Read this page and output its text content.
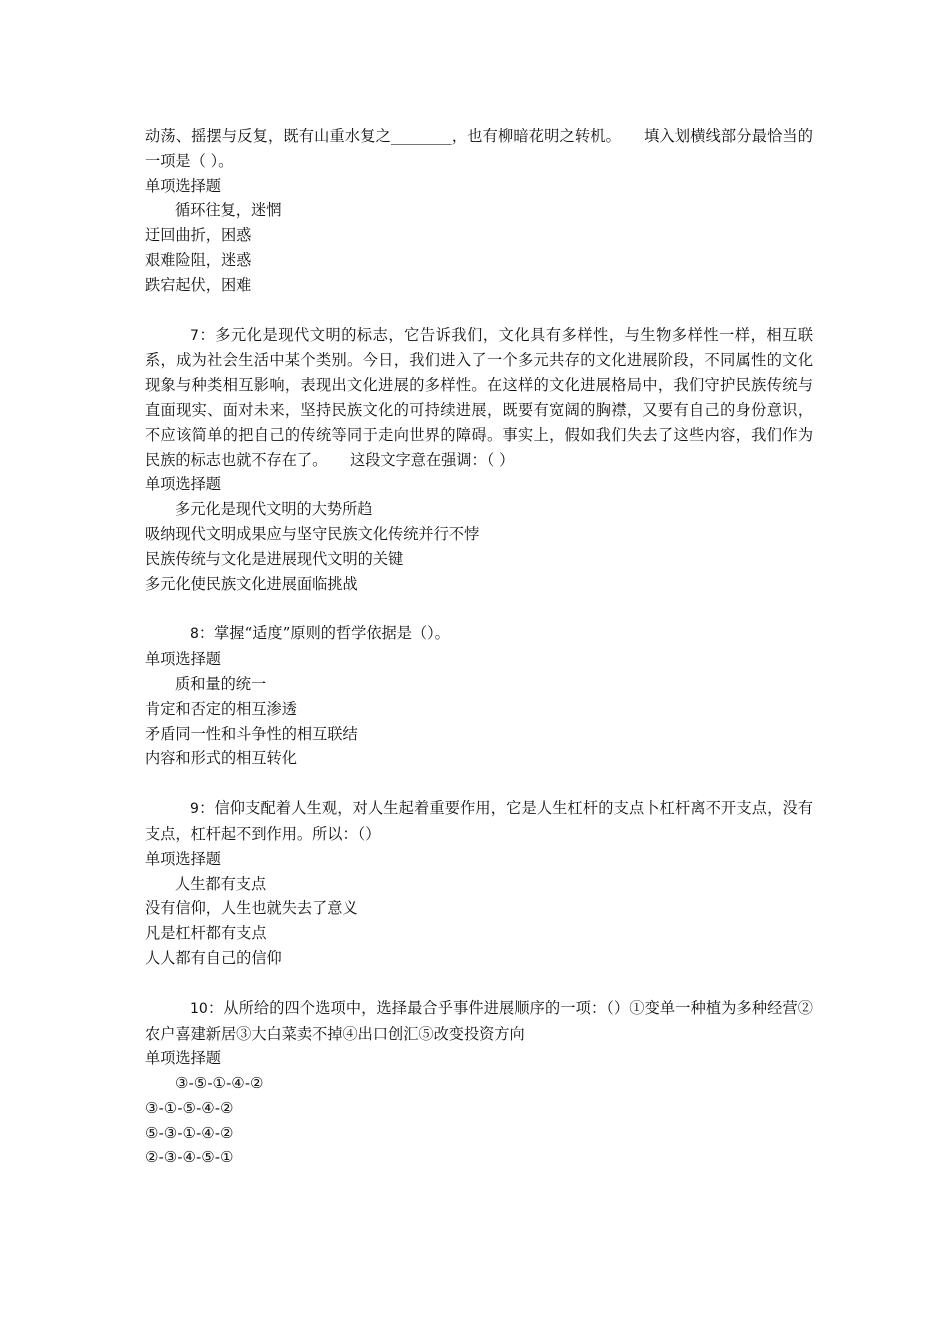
动荡、摇摆与反复，既有山重水复之________，也有柳暗花明之转机。　　填入划横线部分最恰当的一项是（ ）。

单项选择题

循环往复，迷惘

迂回曲折，困惑

艰难险阻，迷惑

跌宕起伏，困难

7：多元化是现代文明的标志，它告诉我们，文化具有多样性，与生物多样性一样，相互联系，成为社会生活中某个类别。今日，我们进入了一个多元共存的文化进展阶段，不同属性的文化现象与种类相互影响，表现出文化进展的多样性。在这样的文化进展格局中，我们守护民族传统与直面现实、面对未来，坚持民族文化的可持续进展，既要有宽阔的胸襟，又要有自己的身份意识，不应该简单的把自己的传统等同于走向世界的障碍。事实上，假如我们失去了这些内容，我们作为民族的标志也就不存在了。　　这段文字意在强调：（ ）

单项选择题

多元化是现代文明的大势所趋

吸纳现代文明成果应与坚守民族文化传统并行不悖

民族传统与文化是进展现代文明的关键

多元化使民族文化进展面临挑战

8：掌握“适度”原则的哲学依据是（）。

单项选择题

质和量的统一

肯定和否定的相互渗透

矛盾同一性和斗争性的相互联结

内容和形式的相互转化

9：信仰支配着人生观，对人生起着重要作用，它是人生杠杆的支点卜杠杆离不开支点，没有支点，杠杆起不到作用。所以：（）

单项选择题

人生都有支点

没有信仰，人生也就失去了意义

凡是杠杆都有支点

人人都有自己的信仰

10：从所给的四个选项中，选择最合乎事件进展顺序的一项：（）①变单一种植为多种经营②农户喜建新居③大白菜卖不掉④出口创汇⑤改变投资方向

单项选择题

③-⑤-①-④-②

③-①-⑤-④-②

⑤-③-①-④-②

②-③-④-⑤-①
